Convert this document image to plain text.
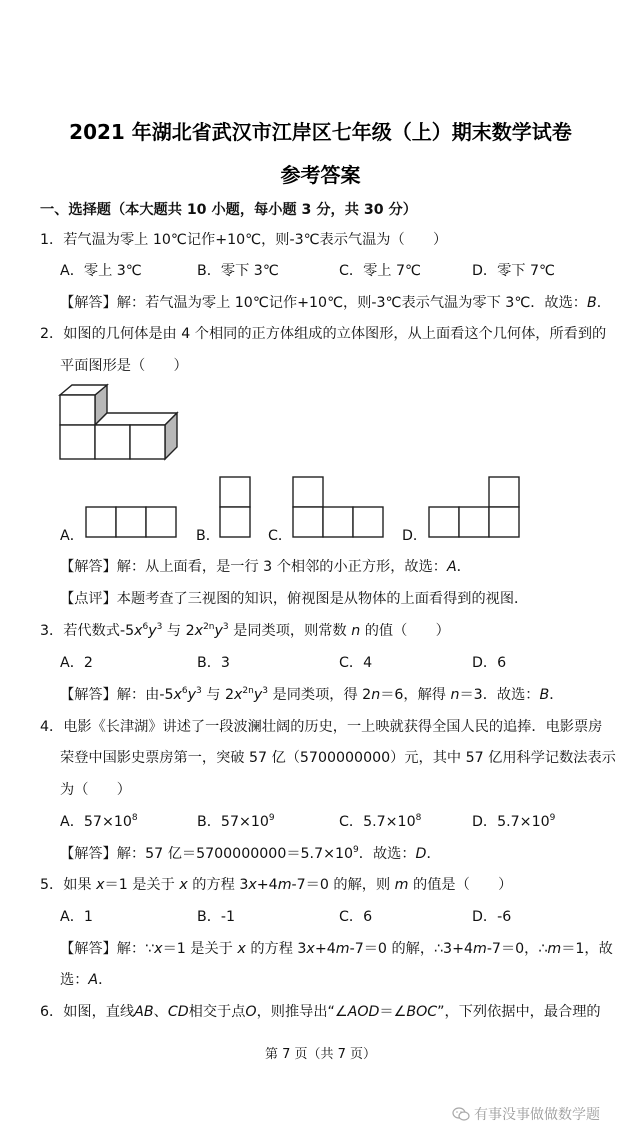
2021 年湖北省武汉市江岸区七年级（上）期末数学试卷
参考答案
一、选择题（本大题共 10 小题，每小题 3 分，共 30 分）
1．若气温为零上 10℃记作+10℃，则-3℃表示气温为（　　）
A．零上 3℃	B．零下 3℃	C．零上 7℃	D．零下 7℃
【解答】解：若气温为零上 10℃记作+10℃，则-3℃表示气温为零下 3℃．故选：B．
2．如图的几何体是由 4 个相同的正方体组成的立体图形，从上面看这个几何体，所看到的
平面图形是（　　）
A．	B．	C．	D．
【解答】解：从上面看，是一行 3 个相邻的小正方形，故选：A．
【点评】本题考查了三视图的知识，俯视图是从物体的上面看得到的视图．
3．若代数式$-5x^6y^3$ 与 $2x^{2n}y^3$ 是同类项，则常数 n 的值（　　）
A．2	B．3	C．4	D．6
【解答】解：由$-5x^6y^3$ 与 $2x^{2n}y^3$ 是同类项，得 2n＝6，解得 n＝3．故选：B．
4．电影《长津湖》讲述了一段波澜壮阔的历史，一上映就获得全国人民的追捧．电影票房
荣登中国影史票房第一，突破 57 亿（5700000000）元，其中 57 亿用科学记数法表示
为（　　）
A．$57\times 10^8$	B．$57\times 10^9$	C．$5.7\times 10^8$	D．$5.7\times 10^9$
【解答】解：57 亿$=5700000000=5.7\times 10^9$．故选：D．
5．如果 x＝1 是关于 x 的方程 3x+4m-7＝0 的解，则 m 的值是（　　）
A．1	B．-1	C．6	D．-6
【解答】解：∵x＝1 是关于 x 的方程 3x+4m-7＝0 的解，∴3+4m-7＝0，∴m＝1，故
选：A．
6．如图，直线AB、CD相交于点O，则推导出“∠AOD＝∠BOC”，下列依据中，最合理的
第 7 页（共 7 页）
有事没事做做数学题
